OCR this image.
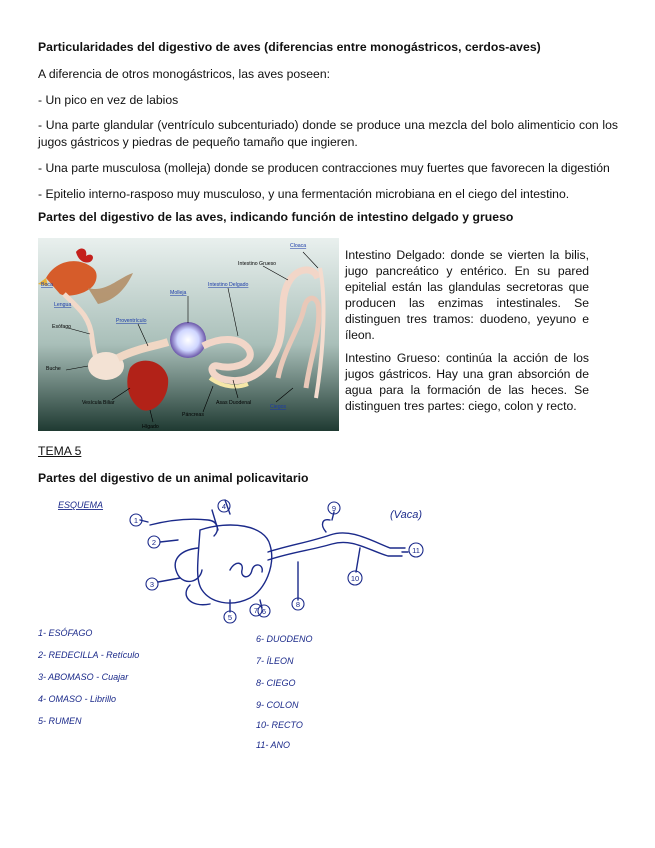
Particularidades del digestivo de aves (diferencias entre monogástricos, cerdos-aves)
A diferencia de otros monogástricos, las aves poseen:
- Un pico en vez de labios
- Una parte glandular (ventrículo subcenturiado) donde se produce una mezcla del bolo alimenticio con los jugos gástricos y piedras de pequeño tamaño que ingieren.
- Una parte musculosa (molleja) donde se producen contracciones muy fuertes que favorecen la digestión
- Epitelio interno-rasposo muy musculoso, y una fermentación microbiana en el ciego del intestino.
Partes del digestivo de las aves, indicando función de intestino delgado y grueso
Cloaca
Intestino Grueso
Boca
Lengua
Molleja
Intestino Delgado
Esófago
Proventrículo
Buche
Vesícula Biliar	Asas Duodenal
Ciegos
Páncreas
Hígado
Intestino Delgado: donde se vierten la bilis, jugo pancreático y entérico. En su pared epitelial están las glandulas secretoras que producen las enzimas intestinales. Se distinguen tres tramos: duodeno, yeyuno e íleon.
Intestino Grueso: continúa la acción de los jugos gástricos. Hay una gran absorción de agua para la formación de las heces. Se distinguen tres partes: ciego, colon y recto.
TEMA 5
Partes del digestivo de un animal policavitario
1
2
3
4
5
6
8
9
10
11
ESQUEMA
(Vaca)
1- ESÓFAGO
2- REDECILLA - Retículo
3- ABOMASO - Cuajar
4- OMASO - Librillo
5- RUMEN
6- DUODENO
7- ÍLEON
8- CIEGO
9- COLON
10- RECTO
11- ANO
7
